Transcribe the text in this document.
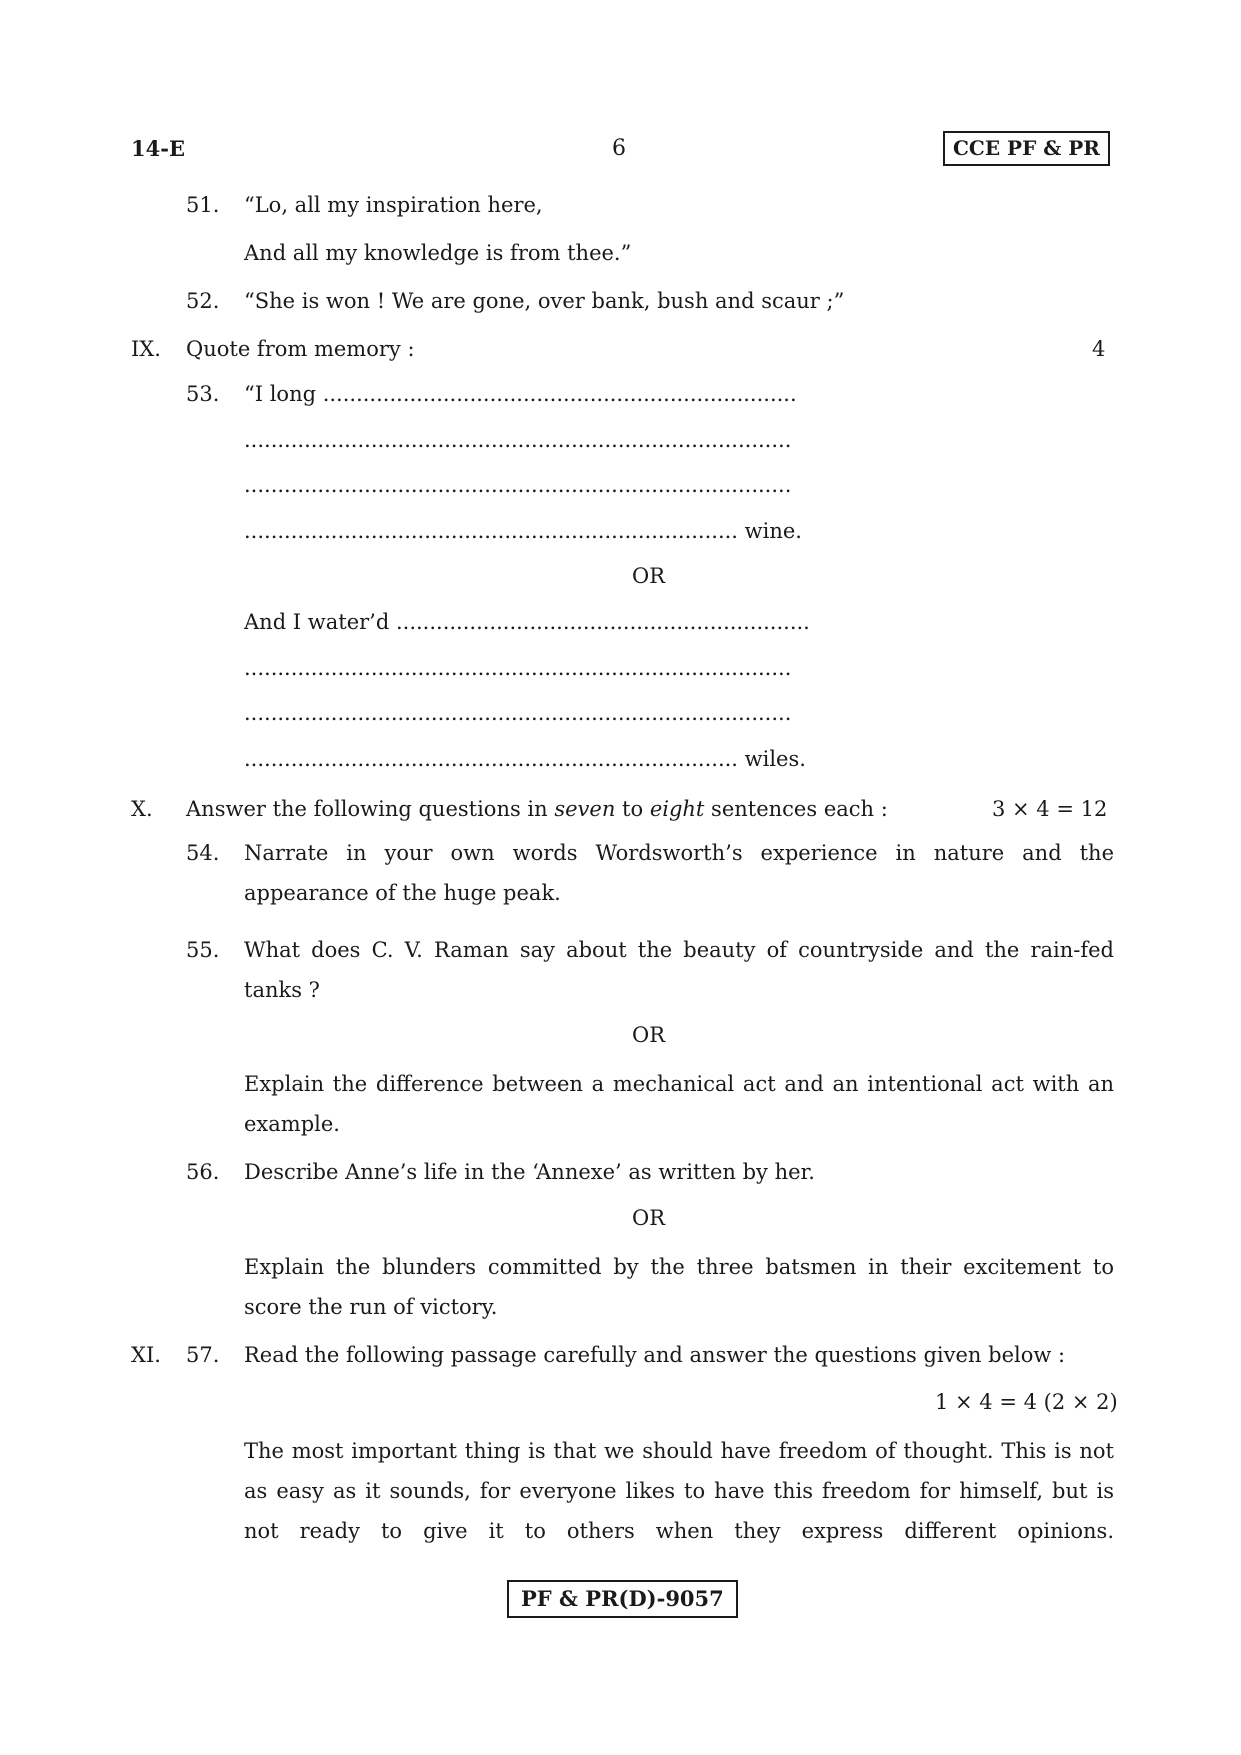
14-E	6	CCE PF & PR
51. “Lo, all my inspiration here,
And all my knowledge is from thee.”
52. “She is won ! We are gone, over bank, bush and scaur ;”
IX. Quote from memory :	4
53. “I long .......................................................................
..................................................................................
..................................................................................
.......................................................................... wine.
OR
And I water’d ..............................................................
..................................................................................
..................................................................................
.......................................................................... wiles.
X. Answer the following questions in seven to eight sentences each :	3 × 4 = 12
54. Narrate in your own words Wordsworth’s experience in nature and the appearance of the huge peak.
55. What does C. V. Raman say about the beauty of countryside and the rain-fed tanks ?
OR
Explain the difference between a mechanical act and an intentional act with an example.
56. Describe Anne’s life in the ‘Annexe’ as written by her.
OR
Explain the blunders committed by the three batsmen in their excitement to score the run of victory.
XI. 57. Read the following passage carefully and answer the questions given below :
1 × 4 = 4 (2 × 2)
The most important thing is that we should have freedom of thought. This is not as easy as it sounds, for everyone likes to have this freedom for himself, but is not ready to give it to others when they express different opinions.
PF & PR(D)-9057
